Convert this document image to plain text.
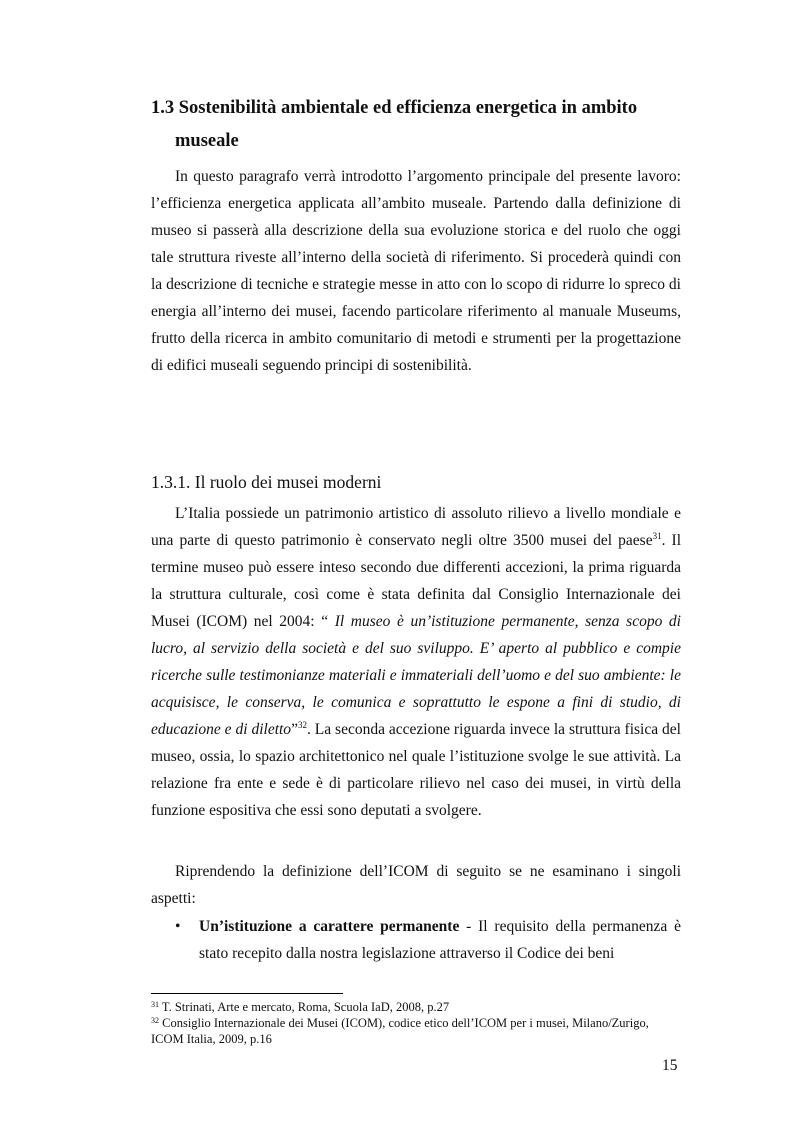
1.3 Sostenibilità ambientale ed efficienza energetica in ambito
museale

In questo paragrafo verrà introdotto l’argomento principale del presente lavoro: l’efficienza energetica applicata all’ambito museale. Partendo dalla definizione di museo si passerà alla descrizione della sua evoluzione storica e del ruolo che oggi tale struttura riveste all’interno della società di riferimento. Si procederà quindi con la descrizione di tecniche e strategie messe in atto con lo scopo di ridurre lo spreco di energia all’interno dei musei, facendo particolare riferimento al manuale Museums, frutto della ricerca in ambito comunitario di metodi e strumenti per la progettazione di edifici museali seguendo principi di sostenibilità.

1.3.1. Il ruolo dei musei moderni

L’Italia possiede un patrimonio artistico di assoluto rilievo a livello mondiale e una parte di questo patrimonio è conservato negli oltre 3500 musei del paese$^{31}$. Il termine museo può essere inteso secondo due differenti accezioni, la prima riguarda la struttura culturale, così come è stata definita dal Consiglio Internazionale dei Musei (ICOM) nel 2004: “ Il museo è un’istituzione permanente, senza scopo di lucro, al servizio della società e del suo sviluppo. E’ aperto al pubblico e compie ricerche sulle testimonianze materiali e immateriali dell’uomo e del suo ambiente: le acquisisce, le conserva, le comunica e soprattutto le espone a fini di studio, di educazione e di diletto”$^{32}$. La seconda accezione riguarda invece la struttura fisica del museo, ossia, lo spazio architettonico nel quale l’istituzione svolge le sue attività. La relazione fra ente e sede è di particolare rilievo nel caso dei musei, in virtù della funzione espositiva che essi sono deputati a svolgere.

Riprendendo la definizione dell’ICOM di seguito se ne esaminano i singoli aspetti:

• Un’istituzione a carattere permanente - Il requisito della permanenza è stato recepito dalla nostra legislazione attraverso il Codice dei beni

$^{31}$ T. Strinati, Arte e mercato, Roma, Scuola IaD, 2008, p.27

$^{32}$ Consiglio Internazionale dei Musei (ICOM), codice etico dell’ICOM per i musei, Milano/Zurigo, ICOM Italia, 2009, p.16

15
